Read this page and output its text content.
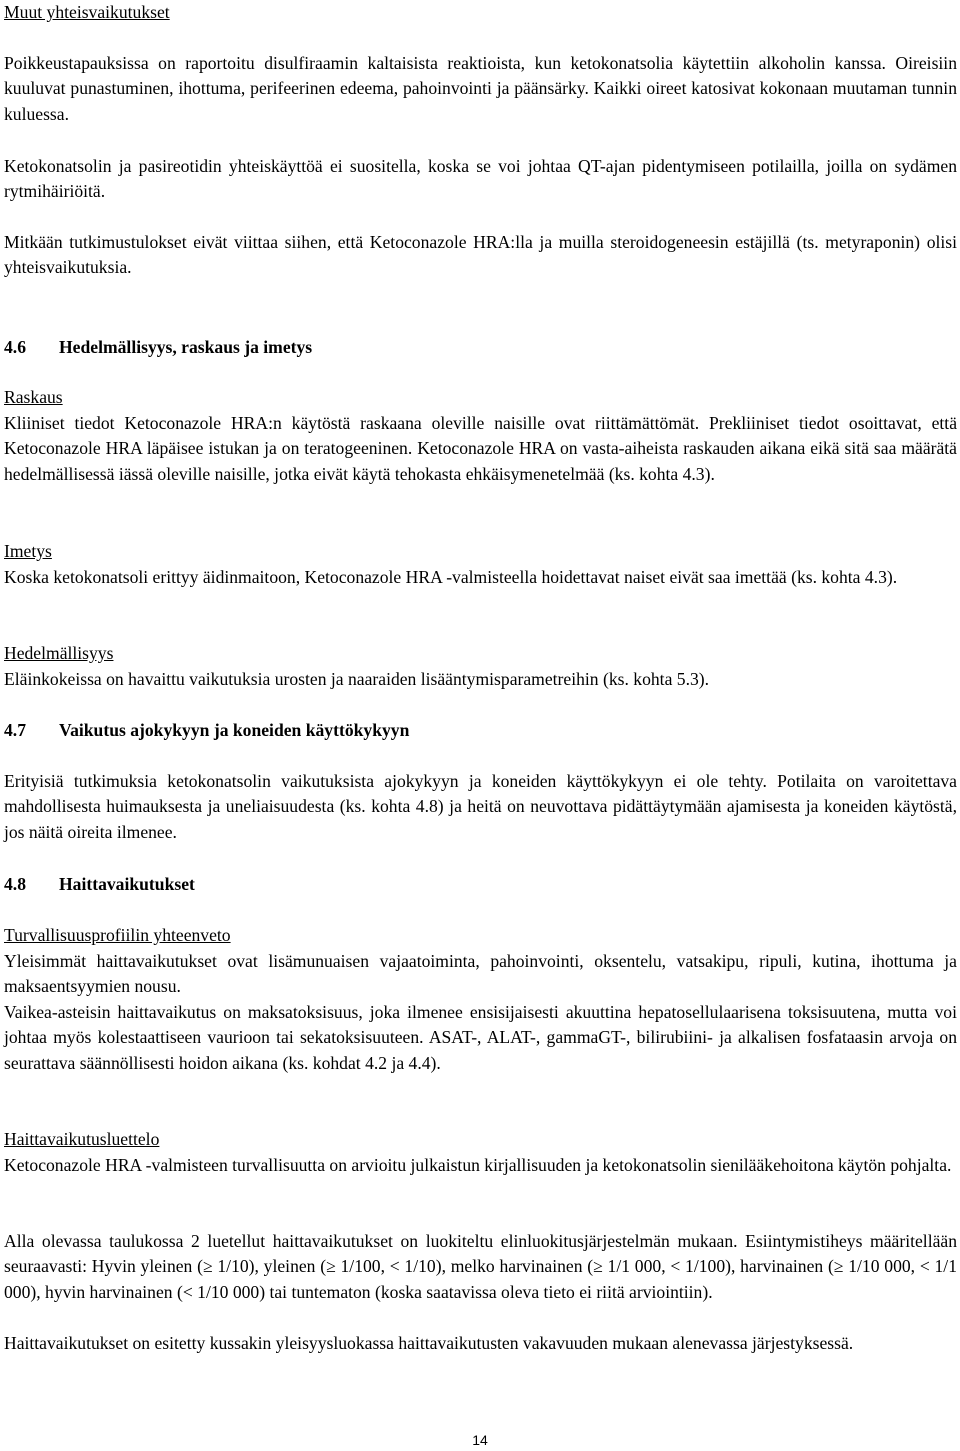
Muut yhteisvaikutukset

Poikkeustapauksissa on raportoitu disulfiraamin kaltaisista reaktioista, kun ketokonatsolia käytettiin alkoholin kanssa. Oireisiin kuuluvat punastuminen, ihottuma, perifeerinen edeema, pahoinvointi ja päänsärky. Kaikki oireet katosivat kokonaan muutaman tunnin kuluessa.

Ketokonatsolin ja pasireotidin yhteiskäyttöä ei suositella, koska se voi johtaa QT-ajan pidentymiseen potilailla, joilla on sydämen rytmihäiriöitä.

Mitkään tutkimustulokset eivät viittaa siihen, että Ketoconazole HRA:lla ja muilla steroidogeneesin estäjillä (ts. metyraponin) olisi yhteisvaikutuksia.

4.6 Hedelmällisyys, raskaus ja imetys
Raskaus

Kliiniset tiedot Ketoconazole HRA:n käytöstä raskaana oleville naisille ovat riittämättömät. Prekliiniset tiedot osoittavat, että Ketoconazole HRA läpäisee istukan ja on teratogeeninen. Ketoconazole HRA on vasta-aiheista raskauden aikana eikä sitä saa määrätä hedelmällisessä iässä oleville naisille, jotka eivät käytä tehokasta ehkäisymenetelmää (ks. kohta 4.3).

Imetys

Koska ketokonatsoli erittyy äidinmaitoon, Ketoconazole HRA -valmisteella hoidettavat naiset eivät saa imettää (ks. kohta 4.3).

Hedelmällisyys

Eläinkokeissa on havaittu vaikutuksia urosten ja naaraiden lisääntymisparametreihin (ks. kohta 5.3).

4.7 Vaikutus ajokykyyn ja koneiden käyttökykyyn

Erityisiä tutkimuksia ketokonatsolin vaikutuksista ajokykyyn ja koneiden käyttökykyyn ei ole tehty. Potilaita on varoitettava mahdollisesta huimauksesta ja uneliaisuudesta (ks. kohta 4.8) ja heitä on neuvottava pidättäytymään ajamisesta ja koneiden käytöstä, jos näitä oireita ilmenee.

4.8 Haittavaikutukset
Turvallisuusprofiilin yhteenveto

Yleisimmät haittavaikutukset ovat lisämunuaisen vajaatoiminta, pahoinvointi, oksentelu, vatsakipu, ripuli, kutina, ihottuma ja maksaentsyymien nousu.

Vaikea-asteisin haittavaikutus on maksatoksisuus, joka ilmenee ensisijaisesti akuuttina hepatosellulaarisena toksisuutena, mutta voi johtaa myös kolestaattiseen vaurioon tai sekatoksisuuteen. ASAT-, ALAT-, gammaGT-, bilirubiini- ja alkalisen fosfataasin arvoja on seurattava säännöllisesti hoidon aikana (ks. kohdat 4.2 ja 4.4).

Haittavaikutusluettelo

Ketoconazole HRA -valmisteen turvallisuutta on arvioitu julkaistun kirjallisuuden ja ketokonatsolin sienilääkehoitona käytön pohjalta.

Alla olevassa taulukossa 2 luetellut haittavaikutukset on luokiteltu elinluokitusjärjestelmän mukaan. Esiintymistiheys määritellään seuraavasti: Hyvin yleinen (≥ 1/10), yleinen (≥ 1/100, < 1/10), melko harvinainen (≥ 1/1 000, < 1/100), harvinainen (≥ 1/10 000, < 1/1 000), hyvin harvinainen (< 1/10 000) tai tuntematon (koska saatavissa oleva tieto ei riitä arviointiin).

Haittavaikutukset on esitetty kussakin yleisyysluokassa haittavaikutusten vakavuuden mukaan alenevassa järjestyksessä.

14
